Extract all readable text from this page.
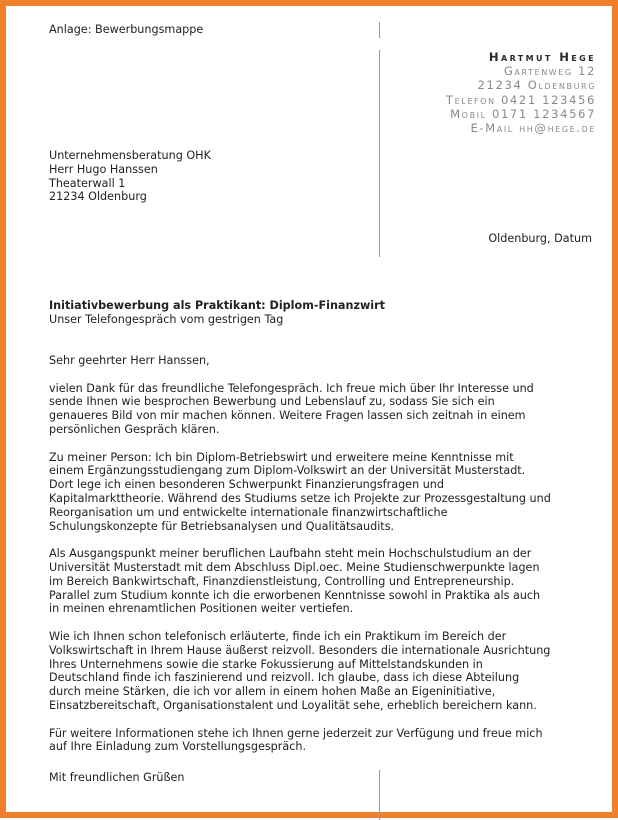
Anlage: Bewerbungsmappe
Hartmut Hege
Gartenweg 12
21234 Oldenburg
Telefon 0421 123456
Mobil 0171 1234567
E-Mail hh@hege.de
Unternehmensberatung OHK
Herr Hugo Hanssen
Theaterwall 1
21234 Oldenburg
Oldenburg, Datum
Initiativbewerbung als Praktikant: Diplom-Finanzwirt
Unser Telefongespräch vom gestrigen Tag

Sehr geehrter Herr Hanssen,

vielen Dank für das freundliche Telefongespräch. Ich freue mich über Ihr Interesse und
sende Ihnen wie besprochen Bewerbung und Lebenslauf zu, sodass Sie sich ein
genaueres Bild von mir machen können. Weitere Fragen lassen sich zeitnah in einem
persönlichen Gespräch klären.

Zu meiner Person: Ich bin Diplom-Betriebswirt und erweitere meine Kenntnisse mit
einem Ergänzungsstudiengang zum Diplom-Volkswirt an der Universität Musterstadt.
Dort lege ich einen besonderen Schwerpunkt Finanzierungsfragen und
Kapitalmarkttheorie. Während des Studiums setze ich Projekte zur Prozessgestaltung und
Reorganisation um und entwickelte internationale finanzwirtschaftliche
Schulungskonzepte für Betriebsanalysen und Qualitätsaudits.

Als Ausgangspunkt meiner beruflichen Laufbahn steht mein Hochschulstudium an der
Universität Musterstadt mit dem Abschluss Dipl.oec. Meine Studienschwerpunkte lagen
im Bereich Bankwirtschaft, Finanzdienstleistung, Controlling und Entrepreneurship.
Parallel zum Studium konnte ich die erworbenen Kenntnisse sowohl in Praktika als auch
in meinen ehrenamtlichen Positionen weiter vertiefen.

Wie ich Ihnen schon telefonisch erläuterte, finde ich ein Praktikum im Bereich der
Volkswirtschaft in Ihrem Hause äußerst reizvoll. Besonders die internationale Ausrichtung
Ihres Unternehmens sowie die starke Fokussierung auf Mittelstandskunden in
Deutschland finde ich faszinierend und reizvoll. Ich glaube, dass ich diese Abteilung
durch meine Stärken, die ich vor allem in einem hohen Maße an Eigeninitiative,
Einsatzbereitschaft, Organisationstalent und Loyalität sehe, erheblich bereichern kann.

Für weitere Informationen stehe ich Ihnen gerne jederzeit zur Verfügung und freue mich
auf Ihre Einladung zum Vorstellungsgespräch.

Mit freundlichen Grüßen
